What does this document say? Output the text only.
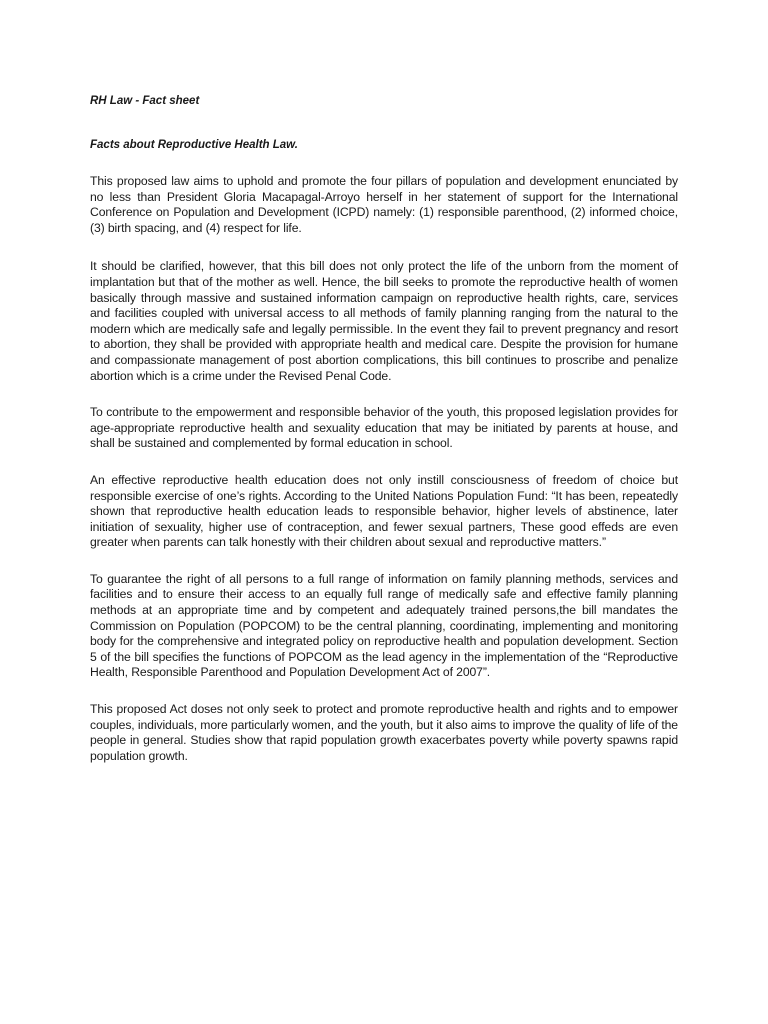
RH Law - Fact sheet

Facts about Reproductive Health Law.

This proposed law aims to uphold and promote the four pillars of population and development enunciated by no less than President Gloria Macapagal-Arroyo herself in her statement of support for the International Conference on Population and Development (ICPD) namely: (1) responsible parenthood, (2) informed choice, (3) birth spacing, and (4) respect for life.

It should be clarified, however, that this bill does not only protect the life of the unborn from the moment of implantation but that of the mother as well. Hence, the bill seeks to promote the reproductive health of women basically through massive and sustained information campaign on reproductive health rights, care, services and facilities coupled with universal access to all methods of family planning ranging from the natural to the modern which are medically safe and legally permissible. In the event they fail to prevent pregnancy and resort to abortion, they shall be provided with appropriate health and medical care. Despite the provision for humane and compassionate management of post abortion complications, this bill continues to proscribe and penalize abortion which is a crime under the Revised Penal Code.

To contribute to the empowerment and responsible behavior of the youth, this proposed legislation provides for age-appropriate reproductive health and sexuality education that may be initiated by parents at house, and shall be sustained and complemented by formal education in school.

An effective reproductive health education does not only instill consciousness of freedom of choice but responsible exercise of one’s rights. According to the United Nations Population Fund: “It has been, repeatedly shown that reproductive health education leads to responsible behavior, higher levels of abstinence, later initiation of sexuality, higher use of contraception, and fewer sexual partners, These good effeds are even greater when parents can talk honestly with their children about sexual and reproductive matters.”

To guarantee the right of all persons to a full range of information on family planning methods, services and facilities and to ensure their access to an equally full range of medically safe and effective family planning methods at an appropriate time and by competent and adequately trained persons,the bill mandates the Commission on Population (POPCOM) to be the central planning, coordinating, implementing and monitoring body for the comprehensive and integrated policy on reproductive health and population development. Section 5 of the bill specifies the functions of POPCOM as the lead agency in the implementation of the “Reproductive Health, Responsible Parenthood and Population Development Act of 2007”.

This proposed Act doses not only seek to protect and promote reproductive health and rights and to empower couples, individuals, more particularly women, and the youth, but it also aims to improve the quality of life of the people in general. Studies show that rapid population growth exacerbates poverty while poverty spawns rapid population growth.
